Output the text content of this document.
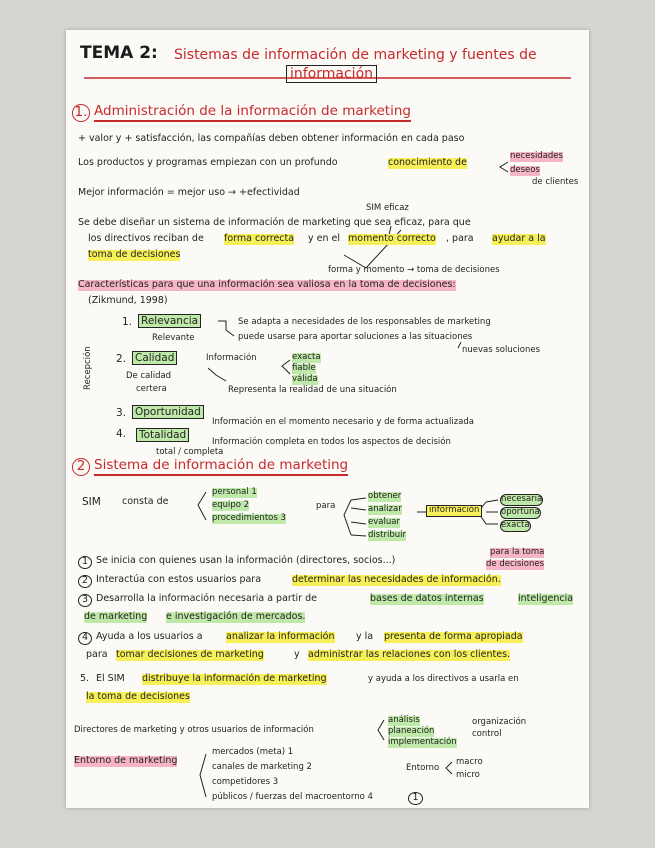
TEMA 2: Sistemas de información de marketing y fuentes de
información
1. Administración de la información de marketing
+ valor y + satisfacción, las compañías deben obtener información en cada paso
Los productos y programas empiezan con un profundo	conocimiento de
necesidades
deseos
de clientes
Mejor información = mejor uso → +efectividad
SIM eficaz
Se debe diseñar un sistema de información de marketing que sea eficaz, para que
los directivos reciban de forma correcta y en el momento correcto , para ayudar a la
toma de decisiones
forma y momento → toma de decisiones
Características para que una información sea valiosa en la toma de decisiones:
(Zikmund, 1998)
Recepción
1. Relevancia
Relevante
Se adapta a necesidades de los responsables de marketing
puede usarse para aportar soluciones a las situaciones
nuevas soluciones
2. Calidad
De calidad
certera
Información	exacta
fiable
válida
Representa la realidad de una situación
3. Oportunidad
Información en el momento necesario y de forma actualizada
4. Totalidad
total / completa
Información completa en todos los aspectos de decisión
2 Sistema de información de marketing
SIM consta de
personal 1
equipo 2
procedimientos 3
para
obtener
analizar
evaluar
distribuir
información
necesaria
oportuna
exacta
para la toma
de decisiones
1 Se inicia con quienes usan la información (directores, socios...)
2 Interactúa con estos usuarios para	determinar las necesidades de información.
3 Desarrolla la información necesaria a partir de	bases de datos internas	inteligencia
de marketing e investigación de mercados.
4 Ayuda a los usuarios a analizar la información y la presenta de forma apropiada
para tomar decisiones de marketing	y administrar las relaciones con los clientes.
5. El SIM distribuye la información de marketing	y ayuda a los directivos a usarla en
la toma de decisiones
Directores de marketing y otros usuarios de información
análisis
planeación
implementación
organización
control
Entorno de marketing
mercados (meta) 1
canales de marketing 2
competidores 3
públicos / fuerzas del macroentorno 4
Entorno
macro
micro
1
